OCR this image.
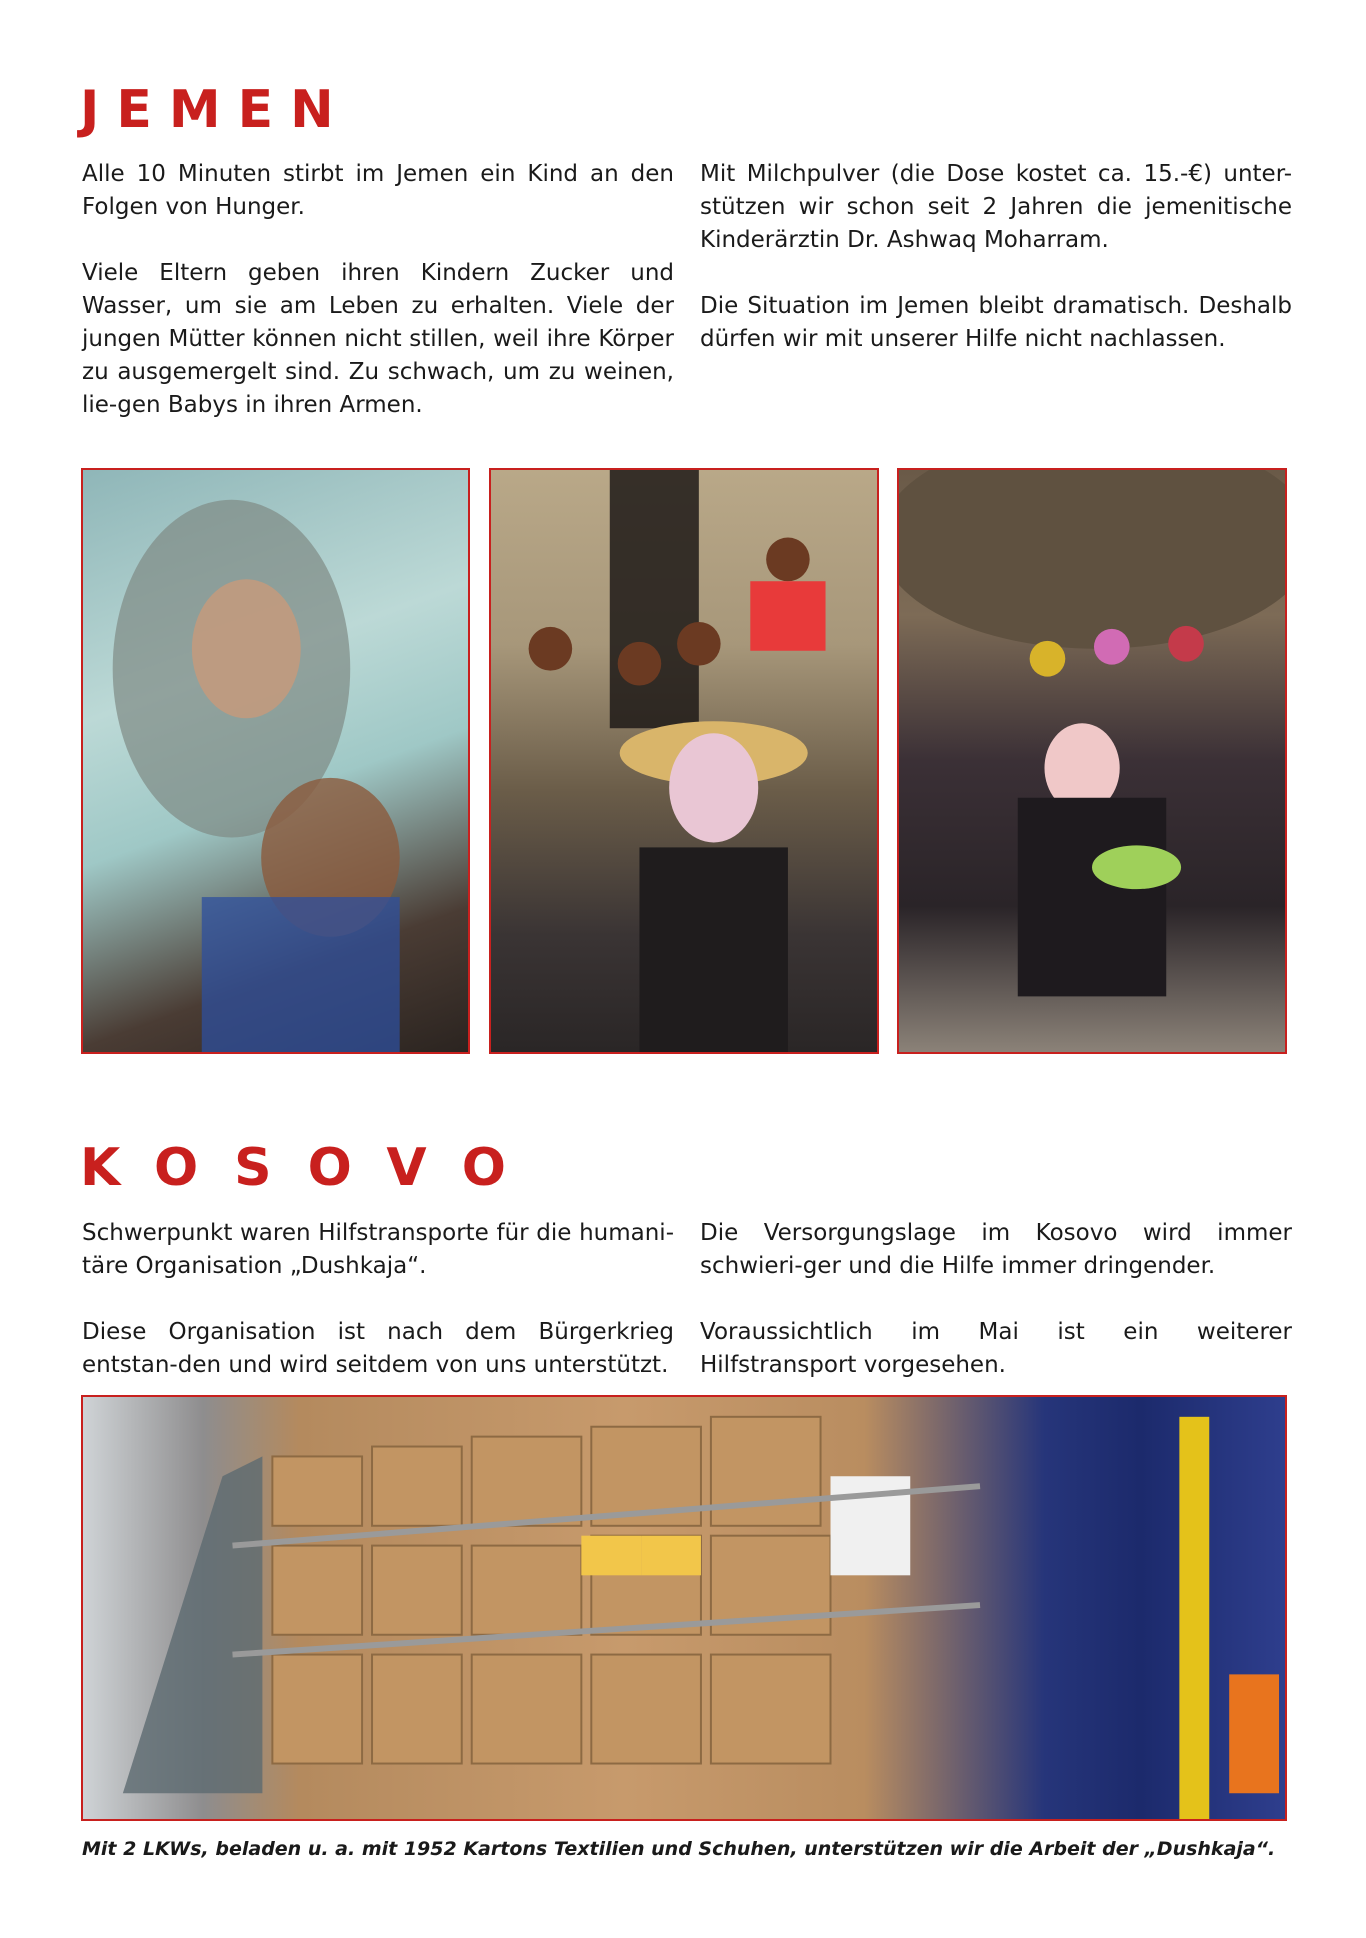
JEMEN

Alle 10 Minuten stirbt im Jemen ein Kind an den Folgen von Hunger.

Viele Eltern geben ihren Kindern Zucker und Wasser, um sie am Leben zu erhalten. Viele der jungen Mütter können nicht stillen, weil ihre Körper zu ausgemergelt sind. Zu schwach, um zu weinen, lie-gen Babys in ihren Armen.

Mit Milchpulver (die Dose kostet ca. 15.-€) unter-stützen wir schon seit 2 Jahren die jemenitische Kinderärztin Dr. Ashwaq Moharram.

Die Situation im Jemen bleibt dramatisch. Deshalb dürfen wir mit unserer Hilfe nicht nachlassen.

KOSOVO

Schwerpunkt waren Hilfstransporte für die humani-täre Organisation „Dushkaja“.

Diese Organisation ist nach dem Bürgerkrieg entstan-den und wird seitdem von uns unterstützt.

Die Versorgungslage im Kosovo wird immer schwieri-ger und die Hilfe immer dringender.

Voraussichtlich im Mai ist ein weiterer Hilfstransport vorgesehen.

Mit 2 LKWs, beladen u. a. mit 1952 Kartons Textilien und Schuhen, unterstützen wir die Arbeit der „Dushkaja“.
